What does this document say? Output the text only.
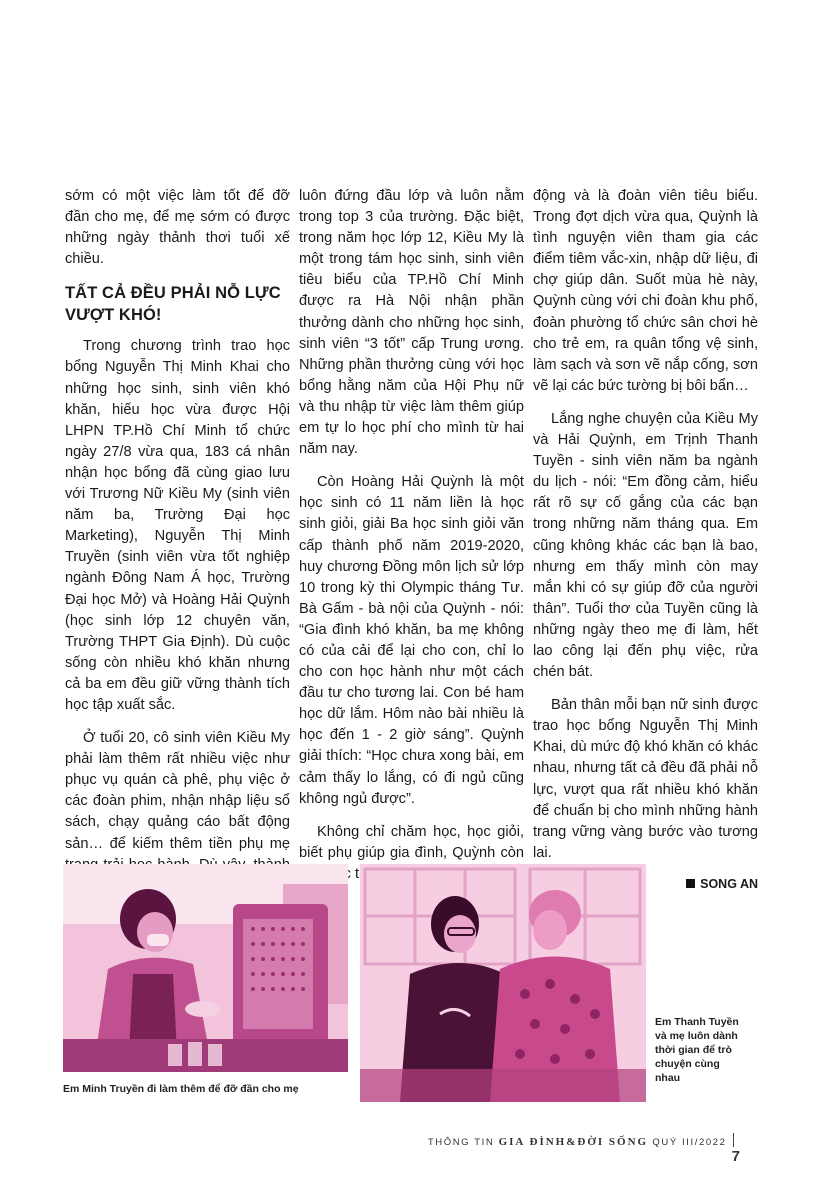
sớm có một việc làm tốt để đỡ đần cho mẹ, để mẹ sớm có được những ngày thảnh thơi tuổi xế chiều.

TẤT CẢ ĐỀU PHẢI NỖ LỰC VƯỢT KHÓ!

Trong chương trình trao học bổng Nguyễn Thị Minh Khai cho những học sinh, sinh viên khó khăn, hiếu học vừa được Hội LHPN TP.Hồ Chí Minh tổ chức ngày 27/8 vừa qua, 183 cá nhân nhận học bổng đã cùng giao lưu với Trương Nữ Kiều My (sinh viên năm ba, Trường Đại học Marketing), Nguyễn Thị Minh Truyền (sinh viên vừa tốt nghiệp ngành Đông Nam Á học, Trường Đại học Mở) và Hoàng Hải Quỳnh (học sinh lớp 12 chuyên văn, Trường THPT Gia Định). Dù cuộc sống còn nhiều khó khăn nhưng cả ba em đều giữ vững thành tích học tập xuất sắc.

Ở tuổi 20, cô sinh viên Kiều My phải làm thêm rất nhiều việc như phục vụ quán cà phê, phụ việc ở các đoàn phim, nhận nhập liệu sổ sách, chạy quảng cáo bất động sản… để kiếm thêm tiền phụ mẹ

luôn đứng đầu lớp và luôn nằm trong top 3 của trường. Đặc biệt, trong năm học lớp 12, Kiều My là một trong tám học sinh, sinh viên tiêu biểu của TP.Hồ Chí Minh được ra Hà Nội nhận phần thưởng dành cho những học sinh, sinh viên “3 tốt” cấp Trung ương. Những phần thưởng cùng với học bổng hằng năm của Hội Phụ nữ và thu nhập từ việc làm thêm giúp em tự lo học phí cho mình từ hai năm nay.

Còn Hoàng Hải Quỳnh là một học sinh có 11 năm liền là học sinh giỏi, giải Ba học sinh giỏi văn cấp thành phố năm 2019-2020, huy chương Đồng môn lịch sử lớp 10 trong kỳ thi Olympic tháng Tư. Bà Gấm - bà nội của Quỳnh - nói: “Gia đình khó khăn, ba mẹ không có của cải để lại cho con, chỉ lo cho con học hành như một cách đầu tư cho tương lai. Con bé ham học dữ lắm. Hôm nào bài nhiều là học đến 1 - 2 giờ sáng”. Quỳnh giải thích: “Học chưa xong bài, em cảm thấy lo lắng, có đi ngủ cũng không ngủ được”.

Không chỉ chăm học, học giỏi, biết phụ giúp gia đình, Quỳnh còn

động và là đoàn viên tiêu biểu. Trong đợt dịch vừa qua, Quỳnh là tình nguyện viên tham gia các điểm tiêm vắc-xin, nhập dữ liệu, đi chợ giúp dân. Suốt mùa hè này, Quỳnh cùng với chi đoàn khu phố, đoàn phường tổ chức sân chơi hè cho trẻ em, ra quân tổng vệ sinh, làm sạch và sơn vẽ nắp cống, sơn vẽ lại các bức tường bị bôi bẩn…

Lắng nghe chuyện của Kiều My và Hải Quỳnh, em Trịnh Thanh Tuyền - sinh viên năm ba ngành du lịch - nói: “Em đồng cảm, hiểu rất rõ sự cố gắng của các bạn trong những năm tháng qua. Em cũng không khác các bạn là bao, nhưng em thấy mình còn may mắn khi có sự giúp đỡ của người thân”. Tuổi thơ của Tuyền cũng là những ngày theo mẹ đi làm, hết lao công lại đến phụ việc, rửa chén bát.

Bản thân mỗi bạn nữ sinh được trao học bổng Nguyễn Thị Minh Khai, dù mức độ khó khăn có khác nhau, nhưng tất cả đều đã phải nỗ lực, vượt qua rất nhiều khó khăn để chuẩn bị cho mình những hành trang vững vàng bước vào tương lai.

SONG AN
Em Minh Truyền đi làm thêm để đỡ đần cho mẹ
Em Thanh Tuyền và mẹ luôn dành thời gian để trò chuyện cùng nhau
THÔNG TIN GIA ĐÌNH&ĐỜI SỐNG QUÝ III/20227
